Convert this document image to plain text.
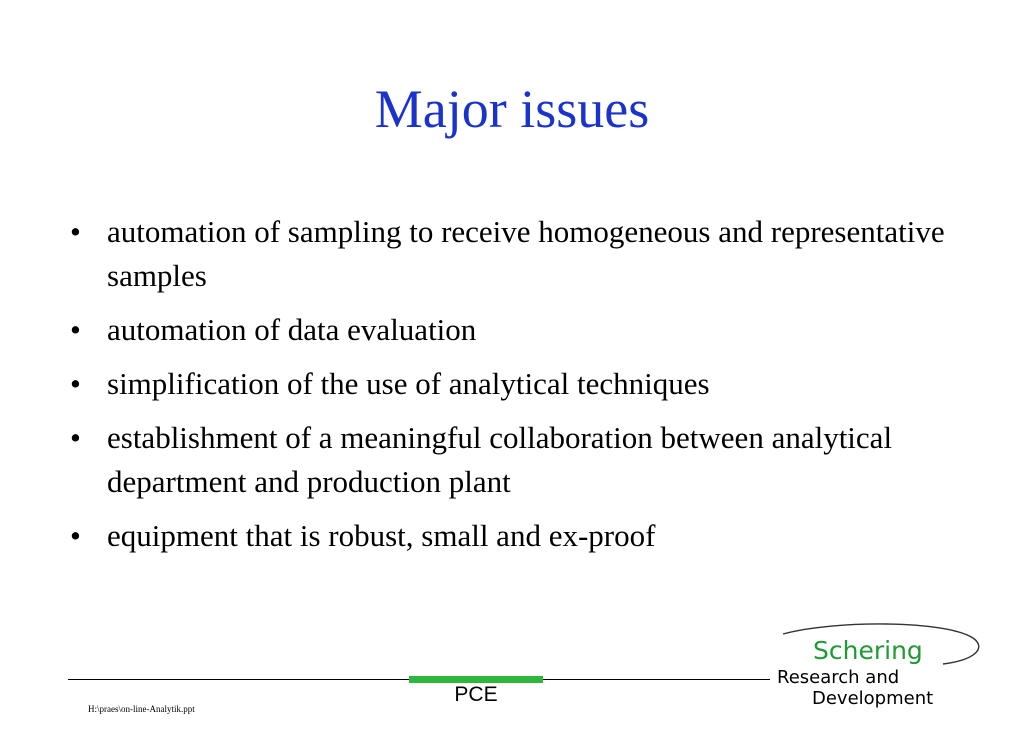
Major issues
• automation of sampling to receive homogeneous and representative samples
• automation of data evaluation
• simplification of the use of analytical techniques
• establishment of a meaningful collaboration between analytical department and production plant
• equipment that is robust, small and ex-proof
PCE
H:\praes\on-line-Analytik.ppt
Schering
Research and
Development
